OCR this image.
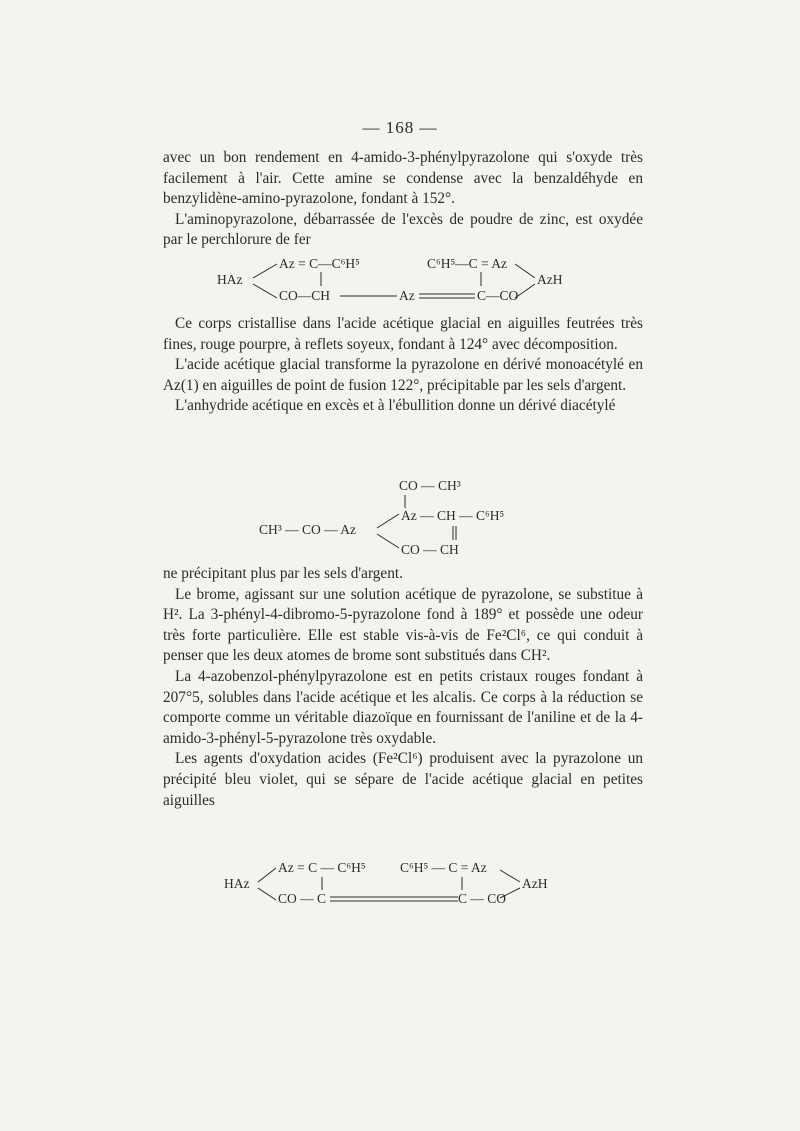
— 168 —

avec un bon rendement en 4-amido-3-phénylpyrazolone qui s'oxyde très facilement à l'air. Cette amine se condense avec la benzaldéhyde en benzylidène-amino-pyrazolone, fondant à 152°.

L'aminopyrazolone, débarrassée de l'excès de poudre de zinc, est oxydée par le perchlorure de fer

HAz
Az = C—C⁶H⁵
CO—CH	Az	C—CO
C⁶H⁵—C = Az
AzH

Ce corps cristallise dans l'acide acétique glacial en aiguilles feutrées très fines, rouge pourpre, à reflets soyeux, fondant à 124° avec décomposition.

L'acide acétique glacial transforme la pyrazolone en dérivé monoacétylé en Az(1) en aiguilles de point de fusion 122°, précipitable par les sels d'argent.

L'anhydride acétique en excès et à l'ébullition donne un dérivé diacétylé

CO — CH³
CH³ — CO — Az
Az — CH — C⁶H⁵
CO — CH

ne précipitant plus par les sels d'argent.

Le brome, agissant sur une solution acétique de pyrazolone, se substitue à H². La 3-phényl-4-dibromo-5-pyrazolone fond à 189° et possède une odeur très forte particulière. Elle est stable vis-à-vis de Fe²Cl⁶, ce qui conduit à penser que les deux atomes de brome sont substitués dans CH².

La 4-azobenzol-phénylpyrazolone est en petits cristaux rouges fondant à 207°5, solubles dans l'acide acétique et les alcalis. Ce corps à la réduction se comporte comme un véritable diazoïque en fournissant de l'aniline et de la 4-amido-3-phényl-5-pyrazolone très oxydable.

Les agents d'oxydation acides (Fe²Cl⁶) produisent avec la pyrazolone un précipité bleu violet, qui se sépare de l'acide acétique glacial en petites aiguilles

HAz
Az = C — C⁶H⁵
CO — C	C — CO
C⁶H⁵ — C = Az
AzH
